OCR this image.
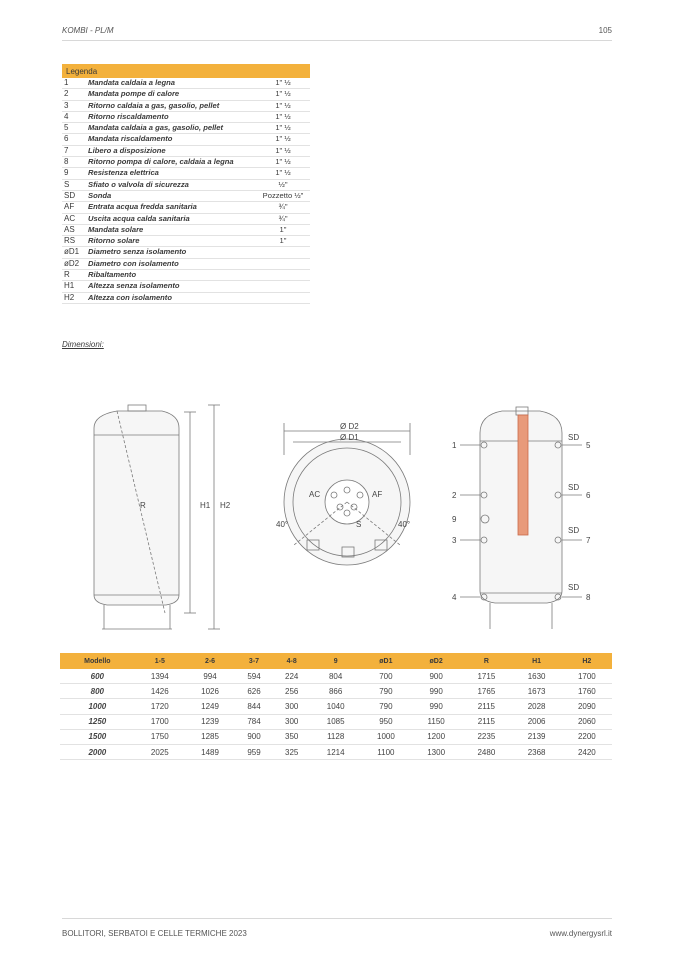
KOMBI - PL/M	105
Legenda		
1	Mandata caldaia a legna	1" ½
2	Mandata pompe di calore	1" ½
3	Ritorno caldaia a gas, gasolio, pellet	1" ½
4	Ritorno riscaldamento	1" ½
5	Mandata caldaia a gas, gasolio, pellet	1" ½
6	Mandata riscaldamento	1" ½
7	Libero a disposizione	1" ½
8	Ritorno pompa di calore, caldaia a legna	1" ½
9	Resistenza elettrica	1" ½
S	Sfiato o valvola di sicurezza	½"
SD	Sonda	Pozzetto ½"
AF	Entrata acqua fredda sanitaria	¾"
AC	Uscita acqua calda sanitaria	¾"
AS	Mandata solare	1"
RS	Ritorno solare	1"
øD1	Diametro senza isolamento	
øD2	Diametro con isolamento	
R	Ribaltamento	
H1	Altezza senza isolamento	
H2	Altezza con isolamento	
Dimensioni:
R	H1 H2
Ø D2
Ø D1
AC	AF
S
40°	40°
1
2
9
3
4
5
6
7
8
SD
SD
SD
SD
Modello	1-5	2-6	3-7	4-8	9	øD1	øD2	R	H1	H2
600	1394	994	594	224	804	700	900	1715	1630	1700
800	1426	1026	626	256	866	790	990	1765	1673	1760
1000	1720	1249	844	300	1040	790	990	2115	2028	2090
1250	1700	1239	784	300	1085	950	1150	2115	2006	2060
1500	1750	1285	900	350	1128	1000	1200	2235	2139	2200
2000	2025	1489	959	325	1214	1100	1300	2480	2368	2420
BOLLITORI, SERBATOI E CELLE TERMICHE 2023	www.dynergysrl.it
